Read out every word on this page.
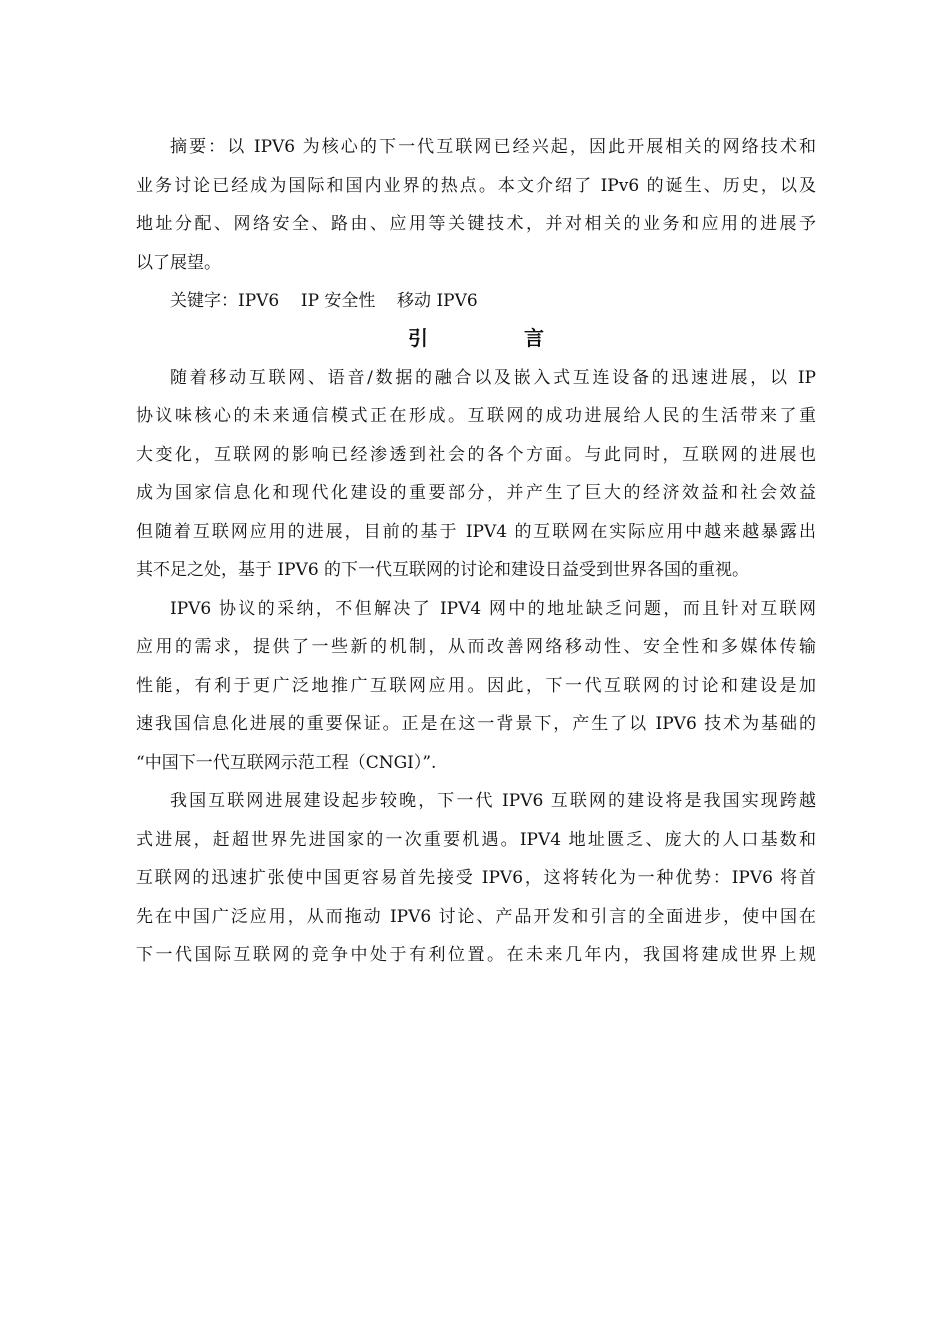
摘要：以 IPV6 为核心的下一代互联网已经兴起，因此开展相关的网络技术和
业务讨论已经成为国际和国内业界的热点。本文介绍了 IPv6 的诞生、历史，以及
地址分配、网络安全、路由、应用等关键技术，并对相关的业务和应用的进展予
以了展望。
关键字：IPV6    IP 安全性    移动 IPV6
引	言
随着移动互联网、语音/数据的融合以及嵌入式互连设备的迅速进展，以 IP
协议味核心的未来通信模式正在形成。互联网的成功进展给人民的生活带来了重
大变化，互联网的影响已经渗透到社会的各个方面。与此同时，互联网的进展也
成为国家信息化和现代化建设的重要部分，并产生了巨大的经济效益和社会效益
但随着互联网应用的进展，目前的基于 IPV4 的互联网在实际应用中越来越暴露出
其不足之处，基于 IPV6 的下一代互联网的讨论和建设日益受到世界各国的重视。
IPV6 协议的采纳，不但解决了 IPV4 网中的地址缺乏问题，而且针对互联网
应用的需求，提供了一些新的机制，从而改善网络移动性、安全性和多媒体传输
性能，有利于更广泛地推广互联网应用。因此，下一代互联网的讨论和建设是加
速我国信息化进展的重要保证。正是在这一背景下，产生了以 IPV6 技术为基础的
“中国下一代互联网示范工程（CNGI）”.
我国互联网进展建设起步较晚，下一代 IPV6 互联网的建设将是我国实现跨越
式进展，赶超世界先进国家的一次重要机遇。IPV4 地址匮乏、庞大的人口基数和
互联网的迅速扩张使中国更容易首先接受 IPV6，这将转化为一种优势：IPV6 将首
先在中国广泛应用，从而拖动 IPV6 讨论、产品开发和引言的全面进步，使中国在
下一代国际互联网的竞争中处于有利位置。在未来几年内，我国将建成世界上规
